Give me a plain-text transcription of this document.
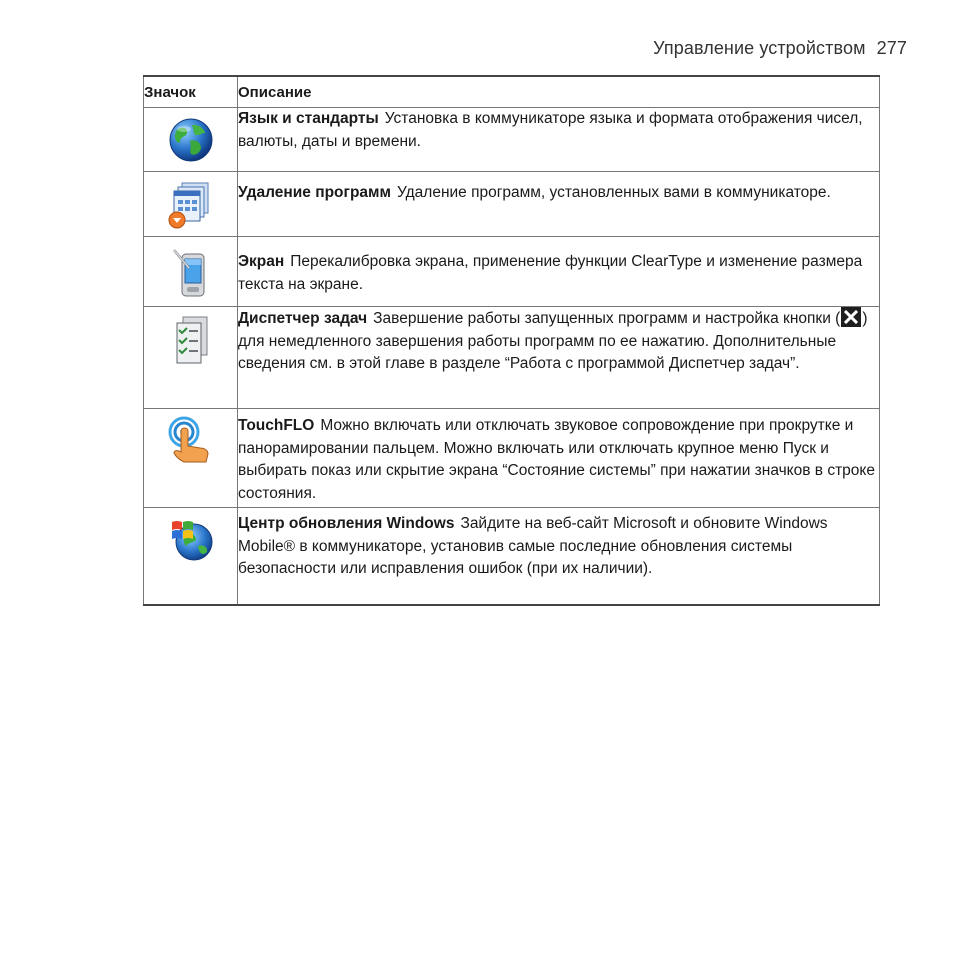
Управление устройством 277
Значок	Описание

	Язык и стандарты Установка в коммуникаторе языка и формата отображения чисел, валюты, даты и времени.

	Удаление программ Удаление программ, установленных вами в коммуникаторе.

	Экран Перекалибровка экрана, применение функции ClearType и изменение размера текста на экране.

	Диспетчер задач Завершение работы запущенных программ и настройка кнопки ( ) для немедленного завершения работы программ по ее нажатию. Дополнительные сведения см. в этой главе в разделе “Работа с программой Диспетчер задач”.

	TouchFLO Можно включать или отключать звуковое сопровождение при прокрутке и панорамировании пальцем. Можно включать или отключать крупное меню Пуск и выбирать показ или скрытие экрана “Состояние системы” при нажатии значков в строке состояния.

	Центр обновления Windows Зайдите на веб-сайт Microsoft и обновите Windows Mobile® в коммуникаторе, установив самые последние обновления системы безопасности или исправления ошибок (при их наличии).
